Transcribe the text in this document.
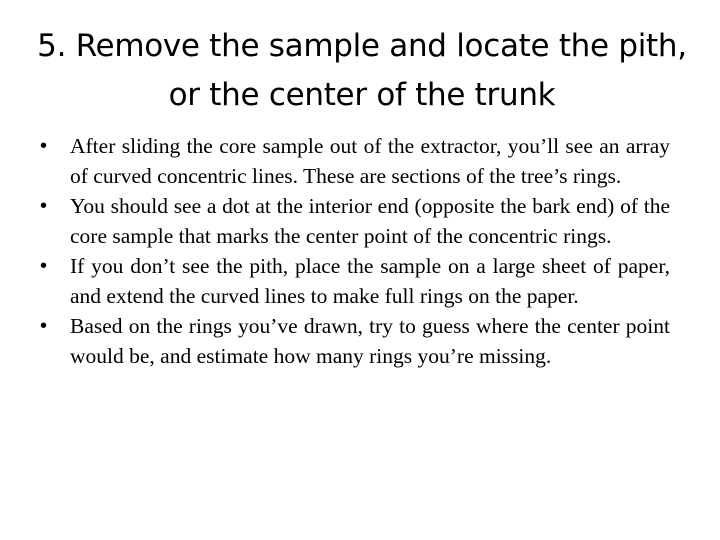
5. Remove the sample and locate the pith, or the center of the trunk
• After sliding the core sample out of the extractor, you’ll see an array of curved concentric lines. These are sections of the tree’s rings.
• You should see a dot at the interior end (opposite the bark end) of the core sample that marks the center point of the concentric rings.
• If you don’t see the pith, place the sample on a large sheet of paper, and extend the curved lines to make full rings on the paper.
• Based on the rings you’ve drawn, try to guess where the center point would be, and estimate how many rings you’re missing.
